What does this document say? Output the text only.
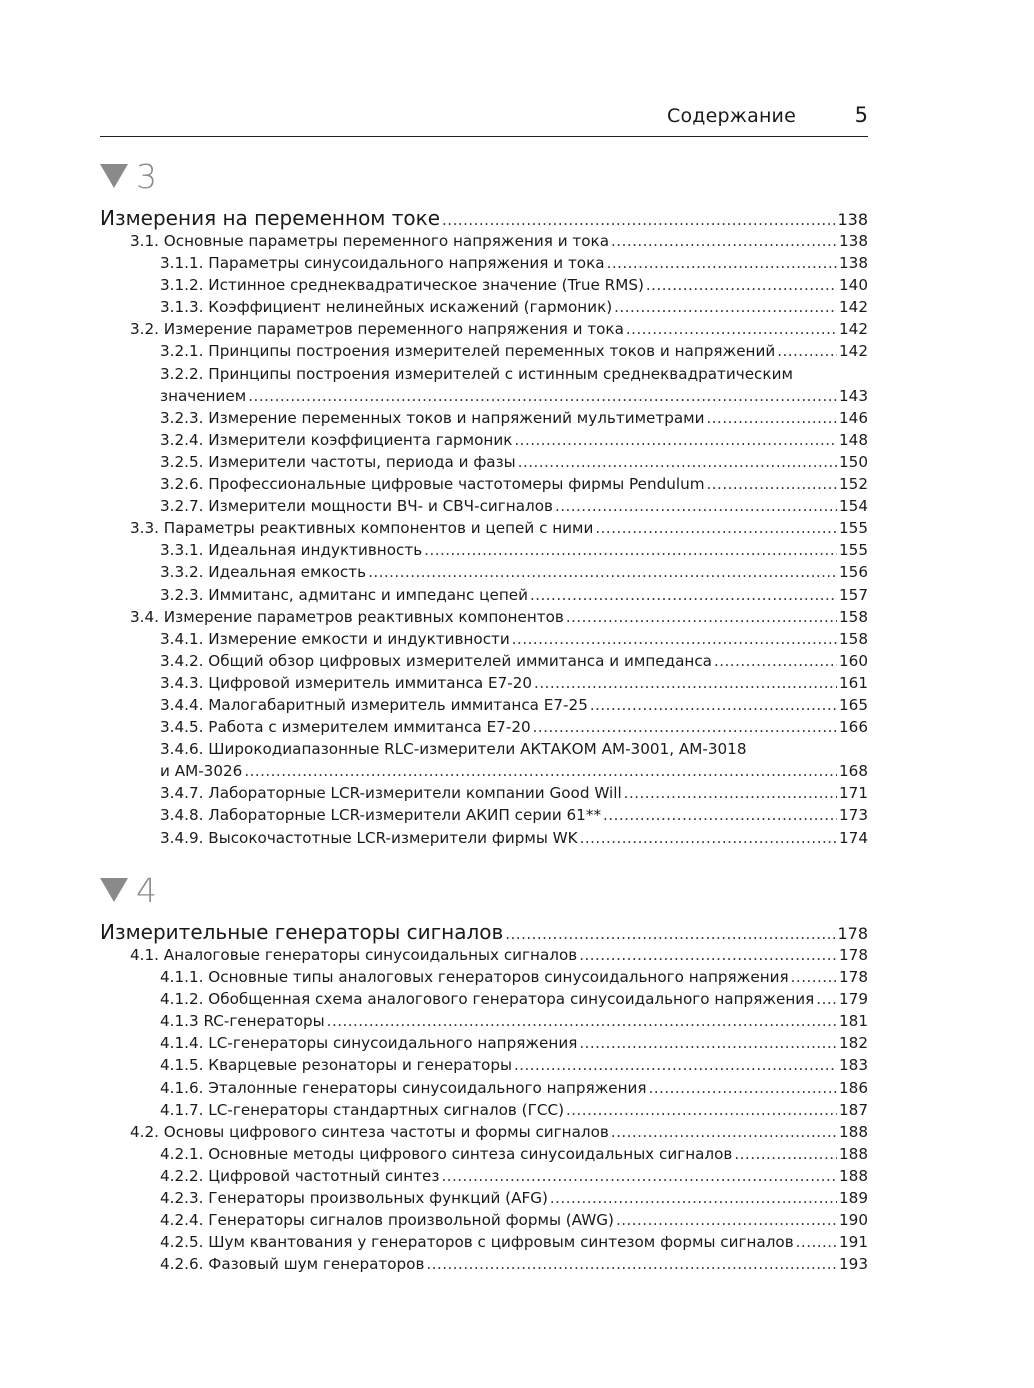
Содержание	5
3
Измерения на переменном токе .....	138
3.1. Основные параметры переменного напряжения и тока .....	138
3.1.1. Параметры синусоидального напряжения и тока .....	138
3.1.2. Истинное среднеквадратическое значение (True RMS) .....	140
3.1.3. Коэффициент нелинейных искажений (гармоник) .....	142
3.2. Измерение параметров переменного напряжения и тока .....	142
3.2.1. Принципы построения измерителей переменных токов и напряжений .....	142
3.2.2. Принципы построения измерителей с истинным среднеквадратическим
значением .....	143
3.2.3. Измерение переменных токов и напряжений мультиметрами .....	146
3.2.4. Измерители коэффициента гармоник .....	148
3.2.5. Измерители частоты, периода и фазы .....	150
3.2.6. Профессиональные цифровые частотомеры фирмы Pendulum .....	152
3.2.7. Измерители мощности ВЧ- и СВЧ-сигналов .....	154
3.3. Параметры реактивных компонентов и цепей с ними .....	155
3.3.1. Идеальная индуктивность .....	155
3.3.2. Идеальная емкость .....	156
3.2.3. Иммитанс, адмитанс и импеданс цепей .....	157
3.4. Измерение параметров реактивных компонентов .....	158
3.4.1. Измерение емкости и индуктивности .....	158
3.4.2. Общий обзор цифровых измерителей иммитанса и импеданса .....	160
3.4.3. Цифровой измеритель иммитанса Е7-20 .....	161
3.4.4. Малогабаритный измеритель иммитанса Е7-25 .....	165
3.4.5. Работа с измерителем иммитанса Е7-20 .....	166
3.4.6. Широкодиапазонные RLC-измерители АКТАКОМ АМ-3001, АМ-3018
и АМ-3026 .....	168
3.4.7. Лабораторные LCR-измерители компании Good Will .....	171
3.4.8. Лабораторные LCR-измерители АКИП серии 61** .....	173
3.4.9. Высокочастотные LCR-измерители фирмы WK .....	174
4
Измерительные генераторы сигналов .....	178
4.1. Аналоговые генераторы синусоидальных сигналов .....	178
4.1.1. Основные типы аналоговых генераторов синусоидального напряжения .....	178
4.1.2. Обобщенная схема аналогового генератора синусоидального напряжения ..... 179
4.1.3 RC-генераторы .....	181
4.1.4. LC-генераторы синусоидального напряжения .....	182
4.1.5. Кварцевые резонаторы и генераторы .....	183
4.1.6. Эталонные генераторы синусоидального напряжения .....	186
4.1.7. LC-генераторы стандартных сигналов (ГСС) .....	187
4.2. Основы цифрового синтеза частоты и формы сигналов .....	188
4.2.1. Основные методы цифрового синтеза синусоидальных сигналов .....	188
4.2.2. Цифровой частотный синтез .....	188
4.2.3. Генераторы произвольных функций (AFG) .....	189
4.2.4. Генераторы сигналов произвольной формы (AWG) .....	190
4.2.5. Шум квантования у генераторов с цифровым синтезом формы сигналов .....	191
4.2.6. Фазовый шум генераторов .....	193
